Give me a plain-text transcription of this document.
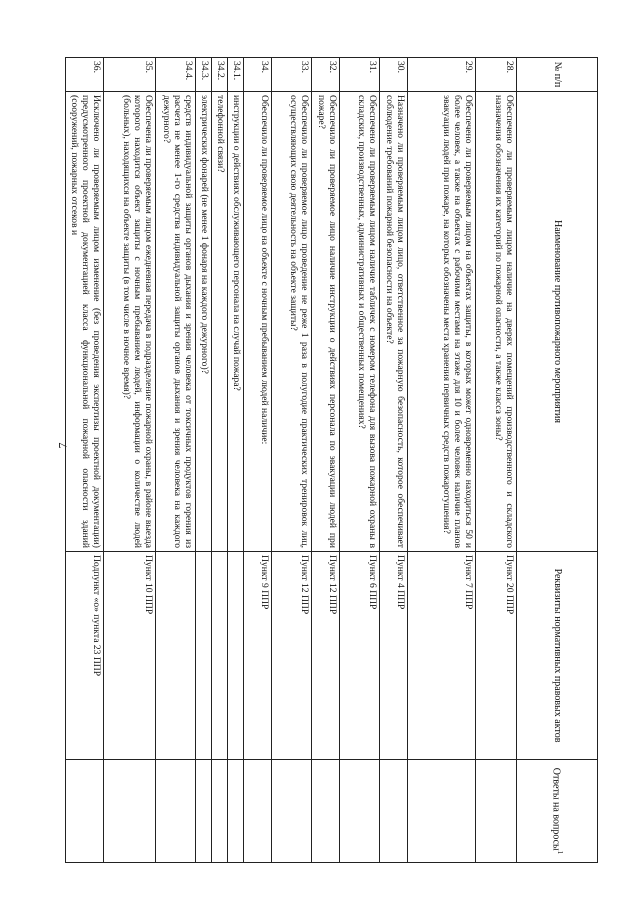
7
№ п/п	Наименование противопожарного мероприятия	Реквизиты нормативных правовых актов	Ответы на вопросы$^1$
28.	Обеспечено ли проверяемым лицом наличие на дверях помещений производственного и складского назначения обозначения их категорий по пожарной опасности, а также класса зоны?	Пункт 20 ППР	
29.	Обеспечено ли проверяемым лицом на объектах защиты, в которых может одновременно находиться 50 и более человек, а также на объектах с рабочими местами на этаже для 10 и более человек наличие планов эвакуации людей при пожаре, на которых обозначены места хранения первичных средств пожаротушения?	Пункт 7 ППР	
30.	Назначено ли проверяемым лицом лицо, ответственное за пожарную безопасность, которое обеспечивает соблюдение требований пожарной безопасности на объекте?	Пункт 4 ППР	
31.	Обеспечено ли проверяемым лицом наличие табличек с номером телефона для вызова пожарной охраны в складских, производственных, административных и общественных помещениях?	Пункт 6 ППР	
32.	Обеспечило ли проверяемое лицо наличие инструкции о действиях персонала по эвакуации людей при пожаре?	Пункт 12 ППР	
33.	Обеспечило ли проверяемое лицо проведение не реже 1 раза в полугодие практических тренировок лиц, осуществляющих свою деятельность на объекте защиты?	Пункт 12 ППР	
34.	Обеспечило ли проверяемое лицо на объекте с ночным пребыванием людей наличие:	Пункт 9 ППР	
34.1.	инструкции о действиях обслуживающего персонала на случай пожара?		
34.2.	телефонной связи?		
34.3.	электрических фонарей (не менее 1 фонаря на каждого дежурного)?		
34.4.	средств индивидуальной защиты органов дыхания и зрения человека от токсичных продуктов горения из расчета не менее 1-го средства индивидуальной защиты органов дыхания и зрения человека на каждого дежурного?		
35.	Обеспечена ли проверяемым лицом ежедневная передача в подразделение пожарной охраны, в районе выезда которого находится объект защиты с ночным пребыванием людей, информации о количестве людей (больных), находящихся на объекте защиты (в том числе в ночное время)?	Пункт 10 ППР	
36.	Исключено ли проверяемым лицом изменение (без проведения экспертизы проектной документации) предусмотренного проектной документацией класса функциональной пожарной опасности зданий (сооружений, пожарных отсеков и	Подпункт «о» пункта 23 ППР	
